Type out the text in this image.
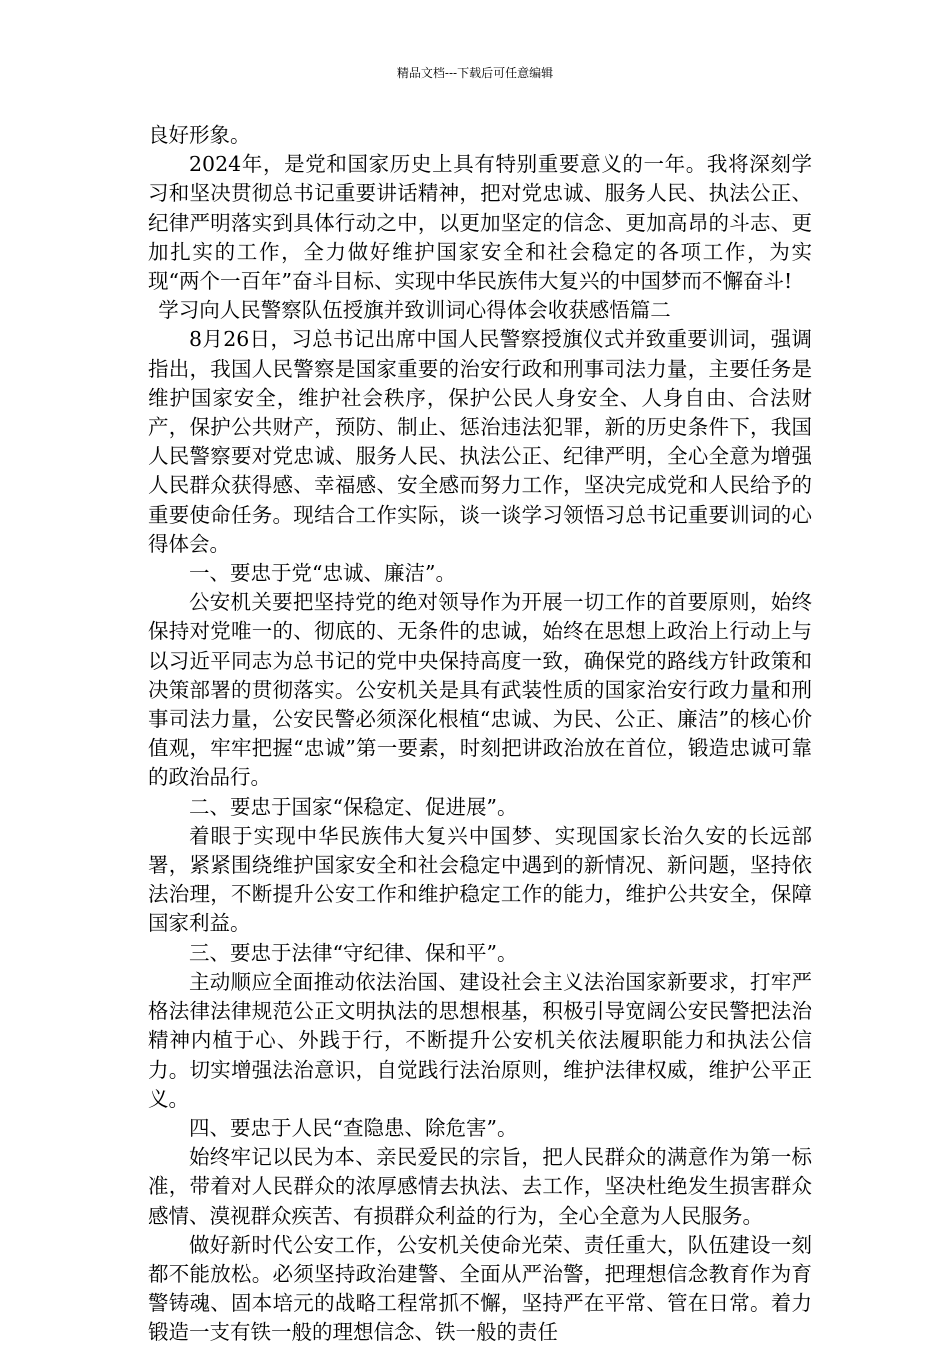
精品文档---下载后可任意编辑

良好形象。

2024年，是党和国家历史上具有特别重要意义的一年。我将深刻学习和坚决贯彻总书记重要讲话精神，把对党忠诚、服务人民、执法公正、纪律严明落实到具体行动之中，以更加坚定的信念、更加高昂的斗志、更加扎实的工作，全力做好维护国家安全和社会稳定的各项工作，为实现“两个一百年”奋斗目标、实现中华民族伟大复兴的中国梦而不懈奋斗!

学习向人民警察队伍授旗并致训词心得体会收获感悟篇二

8月26日，习总书记出席中国人民警察授旗仪式并致重要训词，强调指出，我国人民警察是国家重要的治安行政和刑事司法力量，主要任务是维护国家安全，维护社会秩序，保护公民人身安全、人身自由、合法财产，保护公共财产，预防、制止、惩治违法犯罪，新的历史条件下，我国人民警察要对党忠诚、服务人民、执法公正、纪律严明，全心全意为增强人民群众获得感、幸福感、安全感而努力工作，坚决完成党和人民给予的重要使命任务。现结合工作实际，谈一谈学习领悟习总书记重要训词的心得体会。

一、要忠于党“忠诚、廉洁”。

公安机关要把坚持党的绝对领导作为开展一切工作的首要原则，始终保持对党唯一的、彻底的、无条件的忠诚，始终在思想上政治上行动上与以习近平同志为总书记的党中央保持高度一致，确保党的路线方针政策和决策部署的贯彻落实。公安机关是具有武装性质的国家治安行政力量和刑事司法力量，公安民警必须深化根植“忠诚、为民、公正、廉洁”的核心价值观，牢牢把握“忠诚”第一要素，时刻把讲政治放在首位，锻造忠诚可靠的政治品行。

二、要忠于国家“保稳定、促进展”。

着眼于实现中华民族伟大复兴中国梦、实现国家长治久安的长远部署，紧紧围绕维护国家安全和社会稳定中遇到的新情况、新问题，坚持依法治理，不断提升公安工作和维护稳定工作的能力，维护公共安全，保障国家利益。

三、要忠于法律“守纪律、保和平”。

主动顺应全面推动依法治国、建设社会主义法治国家新要求，打牢严格法律法律规范公正文明执法的思想根基，积极引导宽阔公安民警把法治精神内植于心、外践于行，不断提升公安机关依法履职能力和执法公信力。切实增强法治意识，自觉践行法治原则，维护法律权威，维护公平正义。

四、要忠于人民“查隐患、除危害”。

始终牢记以民为本、亲民爱民的宗旨，把人民群众的满意作为第一标准，带着对人民群众的浓厚感情去执法、去工作，坚决杜绝发生损害群众感情、漠视群众疾苦、有损群众利益的行为，全心全意为人民服务。

做好新时代公安工作，公安机关使命光荣、责任重大，队伍建设一刻都不能放松。必须坚持政治建警、全面从严治警，把理想信念教育作为育警铸魂、固本培元的战略工程常抓不懈，坚持严在平常、管在日常。着力锻造一支有铁一般的理想信念、铁一般的责任
